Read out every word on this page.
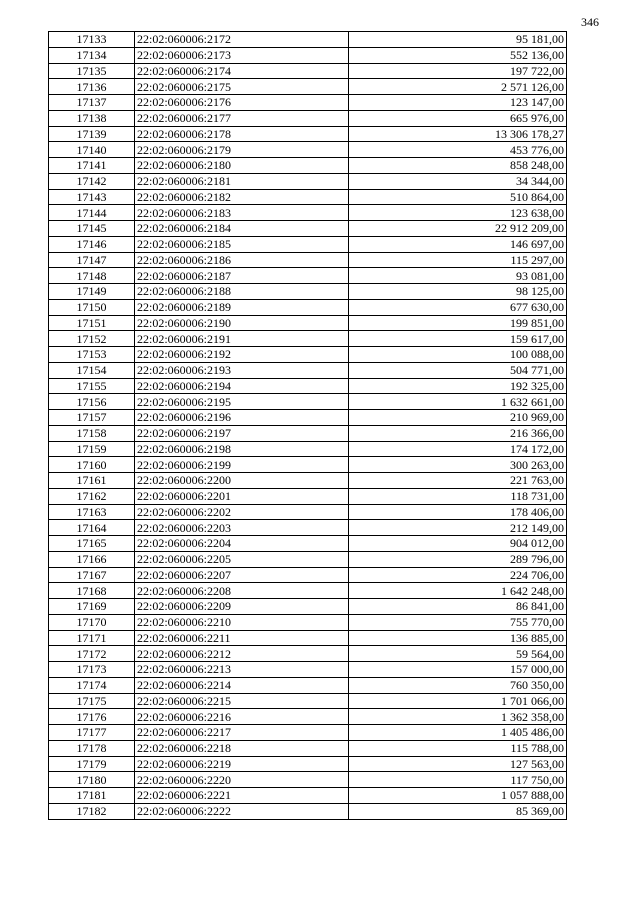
346
17133	22:02:060006:2172	95 181,00
17134	22:02:060006:2173	552 136,00
17135	22:02:060006:2174	197 722,00
17136	22:02:060006:2175	2 571 126,00
17137	22:02:060006:2176	123 147,00
17138	22:02:060006:2177	665 976,00
17139	22:02:060006:2178	13 306 178,27
17140	22:02:060006:2179	453 776,00
17141	22:02:060006:2180	858 248,00
17142	22:02:060006:2181	34 344,00
17143	22:02:060006:2182	510 864,00
17144	22:02:060006:2183	123 638,00
17145	22:02:060006:2184	22 912 209,00
17146	22:02:060006:2185	146 697,00
17147	22:02:060006:2186	115 297,00
17148	22:02:060006:2187	93 081,00
17149	22:02:060006:2188	98 125,00
17150	22:02:060006:2189	677 630,00
17151	22:02:060006:2190	199 851,00
17152	22:02:060006:2191	159 617,00
17153	22:02:060006:2192	100 088,00
17154	22:02:060006:2193	504 771,00
17155	22:02:060006:2194	192 325,00
17156	22:02:060006:2195	1 632 661,00
17157	22:02:060006:2196	210 969,00
17158	22:02:060006:2197	216 366,00
17159	22:02:060006:2198	174 172,00
17160	22:02:060006:2199	300 263,00
17161	22:02:060006:2200	221 763,00
17162	22:02:060006:2201	118 731,00
17163	22:02:060006:2202	178 406,00
17164	22:02:060006:2203	212 149,00
17165	22:02:060006:2204	904 012,00
17166	22:02:060006:2205	289 796,00
17167	22:02:060006:2207	224 706,00
17168	22:02:060006:2208	1 642 248,00
17169	22:02:060006:2209	86 841,00
17170	22:02:060006:2210	755 770,00
17171	22:02:060006:2211	136 885,00
17172	22:02:060006:2212	59 564,00
17173	22:02:060006:2213	157 000,00
17174	22:02:060006:2214	760 350,00
17175	22:02:060006:2215	1 701 066,00
17176	22:02:060006:2216	1 362 358,00
17177	22:02:060006:2217	1 405 486,00
17178	22:02:060006:2218	115 788,00
17179	22:02:060006:2219	127 563,00
17180	22:02:060006:2220	117 750,00
17181	22:02:060006:2221	1 057 888,00
17182	22:02:060006:2222	85 369,00
